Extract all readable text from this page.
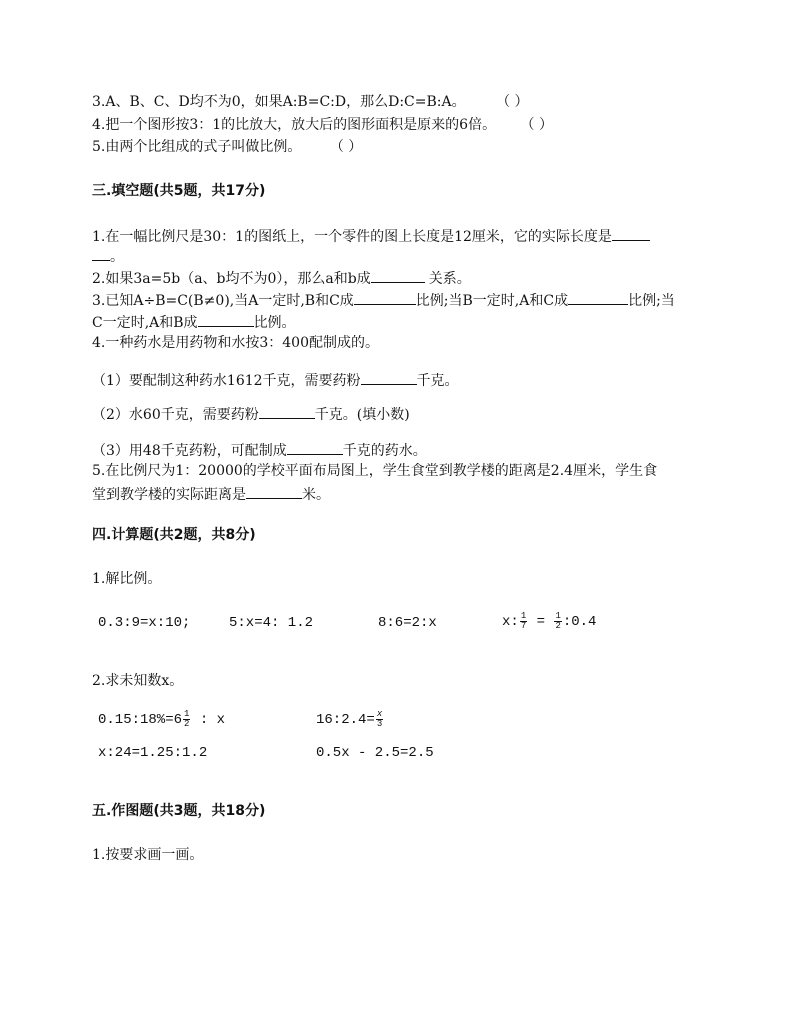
3.A、B、C、D均不为0，如果A:B=C:D，那么D:C=B:A。 （ ）
4.把一个图形按3：1的比放大，放大后的图形面积是原来的6倍。 （ ）
5.由两个比组成的式子叫做比例。 （ ）
三.填空题(共5题，共17分)
1.在一幅比例尺是30：1的图纸上，一个零件的图上长度是12厘米，它的实际长度是
。
2.如果3a=5b（a、b均不为0），那么a和b成	关系。
3.已知A÷B=C(B≠0),当A一定时,B和C成	比例;当B一定时,A和C成	比例;当
C一定时,A和B成	比例。
4.一种药水是用药物和水按3：400配制成的。
（1）要配制这种药水1612千克，需要药粉	千克。
（2）水60千克，需要药粉	千克。(填小数)
（3）用48千克药粉，可配制成	千克的药水。
5.在比例尺为1：20000的学校平面布局图上，学生食堂到教学楼的距离是2.4厘米，学生食
堂到教学楼的实际距离是	米。
四.计算题(共2题，共8分)
1.解比例。
0.3:9=x:10;	5:x=4: 1.2	8:6=2:x	x: $\frac{1}{7} = \frac{1}{2}$ :0.4
2.求未知数x。
0.15:18%=6 $\frac{1}{2}$ : x	16:2.4= $\frac{x}{3}$
x:24=1.25:1.2	0.5x - 2.5=2.5
五.作图题(共3题，共18分)
1.按要求画一画。
